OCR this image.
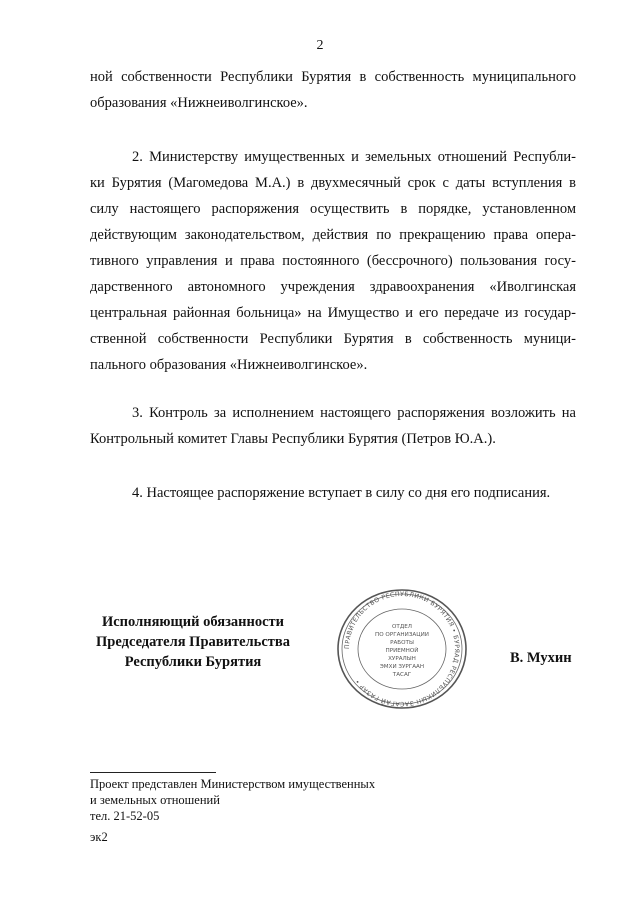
2

ной собственности Республики Бурятия в собственность муниципального
образования «Нижнеиволгинское».

2. Министерству имущественных и земельных отношений Республи-
ки Бурятия (Магомедова М.А.) в двухмесячный срок с даты вступления в
силу настоящего распоряжения осуществить в порядке, установленном
действующим законодательством, действия по прекращению права опера-
тивного управления и права постоянного (бессрочного) пользования госу-
дарственного автономного учреждения здравоохранения «Иволгинская
центральная районная больница» на Имущество и его передаче из государ-
ственной собственности Республики Бурятия в собственность муници-
пального образования «Нижнеиволгинское».

3. Контроль за исполнением настоящего распоряжения возложить на
Контрольный комитет Главы Республики Бурятия (Петров Ю.А.).

4. Настоящее распоряжение вступает в силу со дня его подписания.

Исполняющий обязанности
Председателя Правительства
Республики Бурятия
ПРАВИТЕЛЬСТВО РЕСПУБЛИКИ БУРЯТИЯ • БУРЯАД РЕСПУБЛИКЫН ЗАСАГАЙ ГАЗАР •
ОТДЕЛ
ПО ОРГАНИЗАЦИИ
РАБОТЫ
ПРИЕМНОЙ
ХУРАЛЫН
ЭМХИ ЗУРГААН
ТАСАГ
В. Мухин
Проект представлен Министерством имущественных
и земельных отношений
тел. 21-52-05
эк2
